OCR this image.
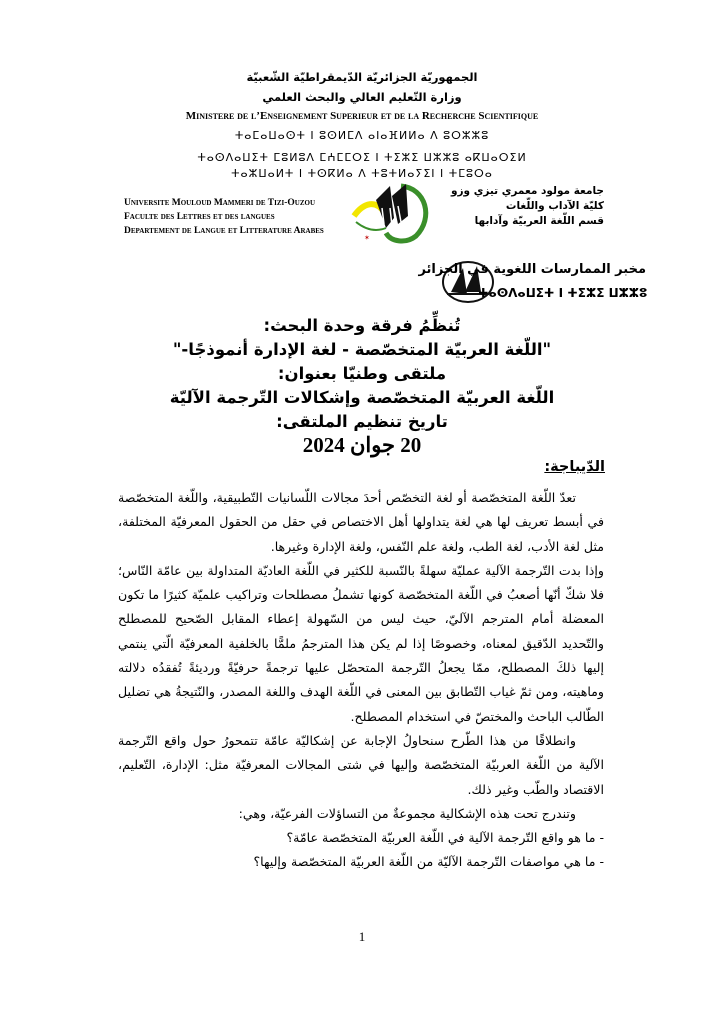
الجمهوريّة الجزائريّة الدّيمقراطيّة الشّعبيّة
وزارة التّعليم العالي والبحث العلمي
Ministere de l’Enseignement Superieur et de la Recherche Scientifique
ⵜⴰⵎⴰⵡⴰⵙⵜ ⵏ ⵓⵙⵍⵎⴷ ⴰⵏⴰⴼⵍⵍⴰ ⴷ ⵓⵔⵣⵣⵓ
ⵜⴰⵙⴷⴰⵡⵉⵜ ⵎⵓⵍⵓⴷ ⵎⵄⵎⵎⵔⵉ ⵏ ⵜⵉⵣⵉ ⵡⵣⵣⵓ ⴰⴽⵡⴰⵔⵉⵍ
ⵜⴰⵣⵡⴰⵍⵜ ⵏ ⵜⵙⴽⵍⴰ ⴷ ⵜⵓⵜⵍⴰⵢⵉⵏ ⵏ ⵜⵎⵓⵔⴰ
Universite Mouloud Mammeri de Tizi-Ouzou
Faculte des Lettres et des langues
Departement de Langue et Litterature Arabes
✶
جامعة مولود معمري تيزي وزو
كليّة الآداب واللّغات
قسم اللّغة العربيّة وآدابها
مخبر الممارسات اللغوية في الجزائر
ⵜⴰⵙⴷⴰⵡⵉⵜ ⵏ ⵜⵉⵣⵉ ⵡⵣⵣⵓ
تُنظِّمُ فرقة وحدة البحث:
"اللّغة العربيّة المتخصّصة - لغة الإدارة أنموذجًا-"
ملتقى وطنيّا بعنوان:
اللّغة العربيّة المتخصّصة وإشكالات التّرجمة الآليّة
تاريخ تنظيم الملتقى:
20 جوان 2024
الدّيباجة:

تعدّ اللّغة المتخصّصة أو لغة التخصّص أحدَ مجالات اللّسانيات التّطبيقية، واللّغة المتخصّصة في أبسط تعريف لها هي لغة يتداولها أهل الاختصاص في حقل من الحقول المعرفيّة المختلفة، مثل لغة الأدب، لغة الطب، ولغة علم النّفس، ولغة الإدارة وغيرها.

وإذا بدت التّرجمة الآلية عمليّة سهلةً بالنّسبة للكثير في اللّغة العاديّة المتداولة بين عامّة النّاس؛ فلا شكّ أنّها أصعبُ في اللّغة المتخصّصة كونها تشملُ مصطلحات وتراكيب علميّة كثيرًا ما تكون المعضلة أمام المترجم الآليّ، حيث ليس من السّهولة إعطاء المقابل الصّحيح للمصطلح والتّحديد الدّقيق لمعناه، وخصوصًا إذا لم يكن هذا المترجمُ ملمًّا بالخلفية المعرفيّة الّتي ينتمي إليها ذلكَ المصطلح، ممّا يجعلُ التّرجمة المتحصّل عليها ترجمةً حرفيّةً ورديئةً تُفقدُه دلالته وماهيته، ومن ثمّ غياب التّطابق بين المعنى في اللّغة الهدف واللغة المصدر، والنّتيجةُ هي تضليل الطّالب الباحث والمختصّ في استخدام المصطلح.

وانطلاقًا من هذا الطّرح سنحاولُ الإجابة عن إشكاليّة عامّة تتمحورُ حول واقع التّرجمة الآلية من اللّغة العربيّة المتخصّصة وإليها في شتى المجالات المعرفيّة مثل: الإدارة، التّعليم، الاقتصاد والطّب وغير ذلك.

وتندرج تحت هذه الإشكالية مجموعةٌ من التساؤلات الفرعيّة، وهي:

- ما هو واقع التّرجمة الآلية في اللّغة العربيّة المتخصّصة عامّة؟

- ما هي مواصفات التّرجمة الآليّة من اللّغة العربيّة المتخصّصة وإليها؟

1
